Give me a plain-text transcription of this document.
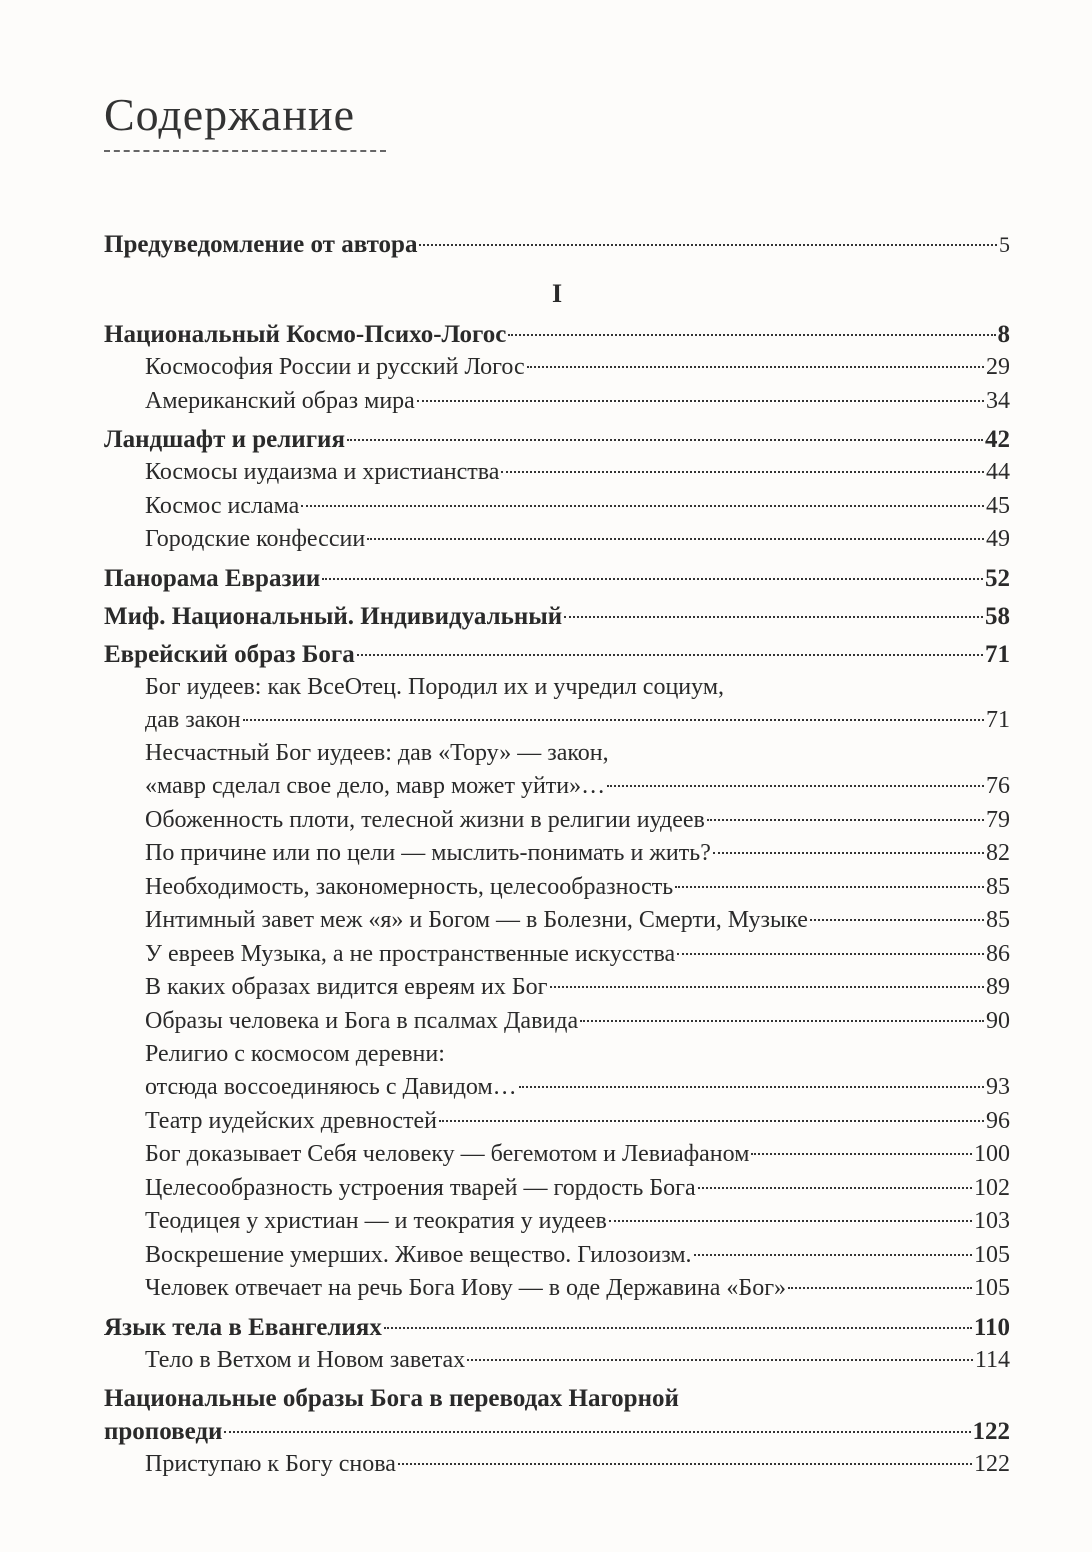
Содержание
Предуведомление от автора	5
I
Национальный Космо-Психо-Логос	8
Космософия России и русский Логос	29
Американский образ мира	34
Ландшафт и религия	42
Космосы иудаизма и христианства	44
Космос ислама	45
Городские конфессии	49
Панорама Евразии	52
Миф. Национальный. Индивидуальный	58
Еврейский образ Бога	71
Бог иудеев: как ВсеОтец. Породил их и учредил социум,
дав закон	71
Несчастный Бог иудеев: дав «Тору» — закон,
«мавр сделал свое дело, мавр может уйти»…	76
Обоженность плоти, телесной жизни в религии иудеев	79
По причине или по цели — мыслить-понимать и жить?	82
Необходимость, закономерность, целесообразность	85
Интимный завет меж «я» и Богом — в Болезни, Смерти, Музыке	85
У евреев Музыка, а не пространственные искусства	86
В каких образах видится евреям их Бог	89
Образы человека и Бога в псалмах Давида	90
Религио с космосом деревни:
отсюда воссоединяюсь с Давидом…	93
Театр иудейских древностей	96
Бог доказывает Себя человеку — бегемотом и Левиафаном	100
Целесообразность устроения тварей — гордость Бога	102
Теодицея у христиан — и теократия у иудеев	103
Воскрешение умерших. Живое вещество. Гилозоизм.	105
Человек отвечает на речь Бога Иову — в оде Державина «Бог»	105
Язык тела в Евангелиях	110
Тело в Ветхом и Новом заветах	114
Национальные образы Бога в переводах Нагорной
проповеди	122
Приступаю к Богу снова	122
